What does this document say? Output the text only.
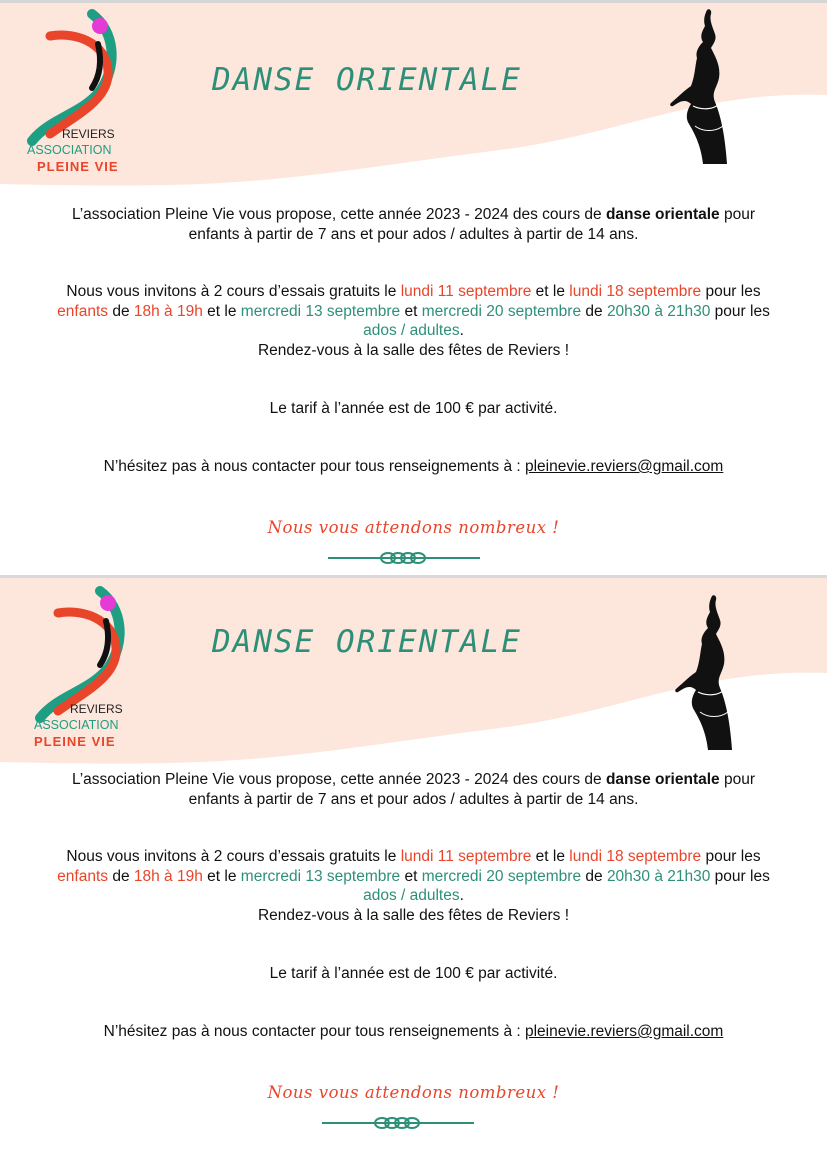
REVIERS
ASSOCIATION
PLEINE VIE
DANSE ORIENTALE
L’association Pleine Vie vous propose, cette année 2023 - 2024 des cours de danse orientale pour
enfants à partir de 7 ans et pour ados / adultes à partir de 14 ans.
Nous vous invitons à 2 cours d’essais gratuits le lundi 11 septembre et le lundi 18 septembre pour les
enfants de 18h à 19h et le mercredi 13 septembre et mercredi 20 septembre de 20h30 à 21h30 pour les
ados / adultes.
Rendez-vous à la salle des fêtes de Reviers !
Le tarif à l’année est de 100 € par activité.
N’hésitez pas à nous contacter pour tous renseignements à : pleinevie.reviers@gmail.com
Nous vous attendons nombreux !
REVIERS
ASSOCIATION
PLEINE VIE
DANSE ORIENTALE
L’association Pleine Vie vous propose, cette année 2023 - 2024 des cours de danse orientale pour
enfants à partir de 7 ans et pour ados / adultes à partir de 14 ans.
Nous vous invitons à 2 cours d’essais gratuits le lundi 11 septembre et le lundi 18 septembre pour les
enfants de 18h à 19h et le mercredi 13 septembre et mercredi 20 septembre de 20h30 à 21h30 pour les
ados / adultes.
Rendez-vous à la salle des fêtes de Reviers !
Le tarif à l’année est de 100 € par activité.
N’hésitez pas à nous contacter pour tous renseignements à : pleinevie.reviers@gmail.com
Nous vous attendons nombreux !
